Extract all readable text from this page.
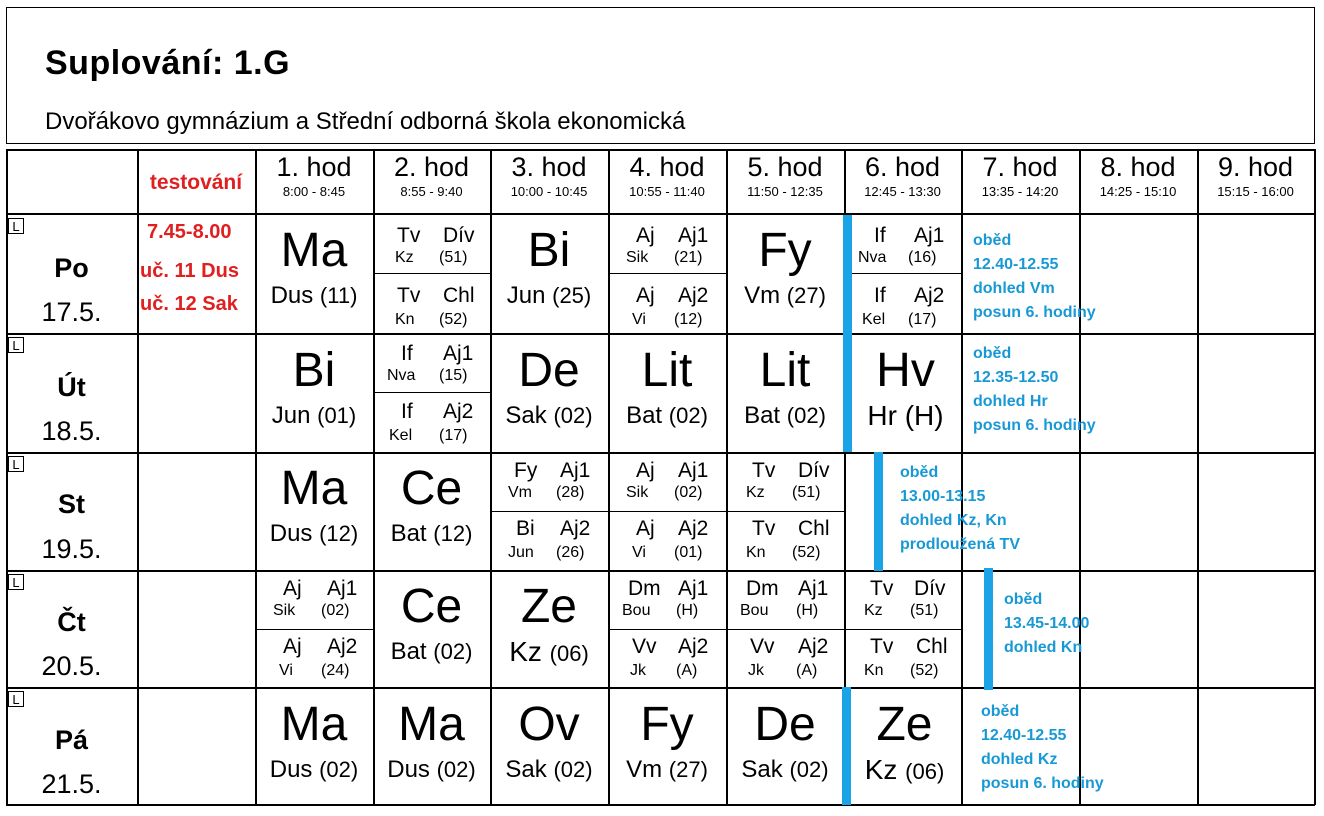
Suplování: 1.G
Dvořákovo gymnázium a Střední odborná škola ekonomická
testování
1. hod
8:00 - 8:45
2. hod
8:55 - 9:40
3. hod
10:00 - 10:45
4. hod
10:55 - 11:40
5. hod
11:50 - 12:35
6. hod
12:45 - 13:30
7. hod
13:35 - 14:20
8. hod
14:25 - 15:10
9. hod
15:15 - 16:00
L
Po
17.5.
L
Út
18.5.
L
St
19.5.
L
Čt
20.5.
L
Pá
21.5.
7.45-8.00
uč. 11 Dus
uč. 12 Sak
Ma
Dus (11)
Tv Dív
Kz (51)
Tv Chl
Kn (52)
Bi
Jun (25)
Aj Aj1
Sik (21)
Aj Aj2
Vi (12)
Fy
Vm (27)
If Aj1
Nva (16)
If Aj2
Kel (17)
Bi
Jun (01)
If Aj1
Nva (15)
If Aj2
Kel (17)
De
Sak (02)
Lit
Bat (02)
Lit
Bat (02)
Hv
Hr (H)
Ma
Dus (12)
Ce
Bat (12)
Fy Aj1
Vm (28)
Bi Aj2
Jun (26)
Aj Aj1
Sik (02)
Aj Aj2
Vi (01)
Tv Dív
Kz (51)
Tv Chl
Kn (52)
Aj Aj1
Sik (02)
Aj Aj2
Vi (24)
Ce
Bat (02)
Ze
Kz (06)
Dm Aj1
Bou (H)
Vv Aj2
Jk (A)
Dm Aj1
Bou (H)
Vv Aj2
Jk (A)
Tv Dív
Kz (51)
Tv Chl
Kn (52)
Ma
Dus (02)
Ma
Dus (02)
Ov
Sak (02)
Fy
Vm (27)
De
Sak (02)
Ze
Kz (06)
oběd
12.40-12.55
dohled Vm
posun 6. hodiny
oběd
12.35-12.50
dohled Hr
posun 6. hodiny
oběd
13.00-13.15
dohled Kz, Kn
prodloužená TV
oběd
13.45-14.00
dohled Kn
oběd
12.40-12.55
dohled Kz
posun 6. hodiny
